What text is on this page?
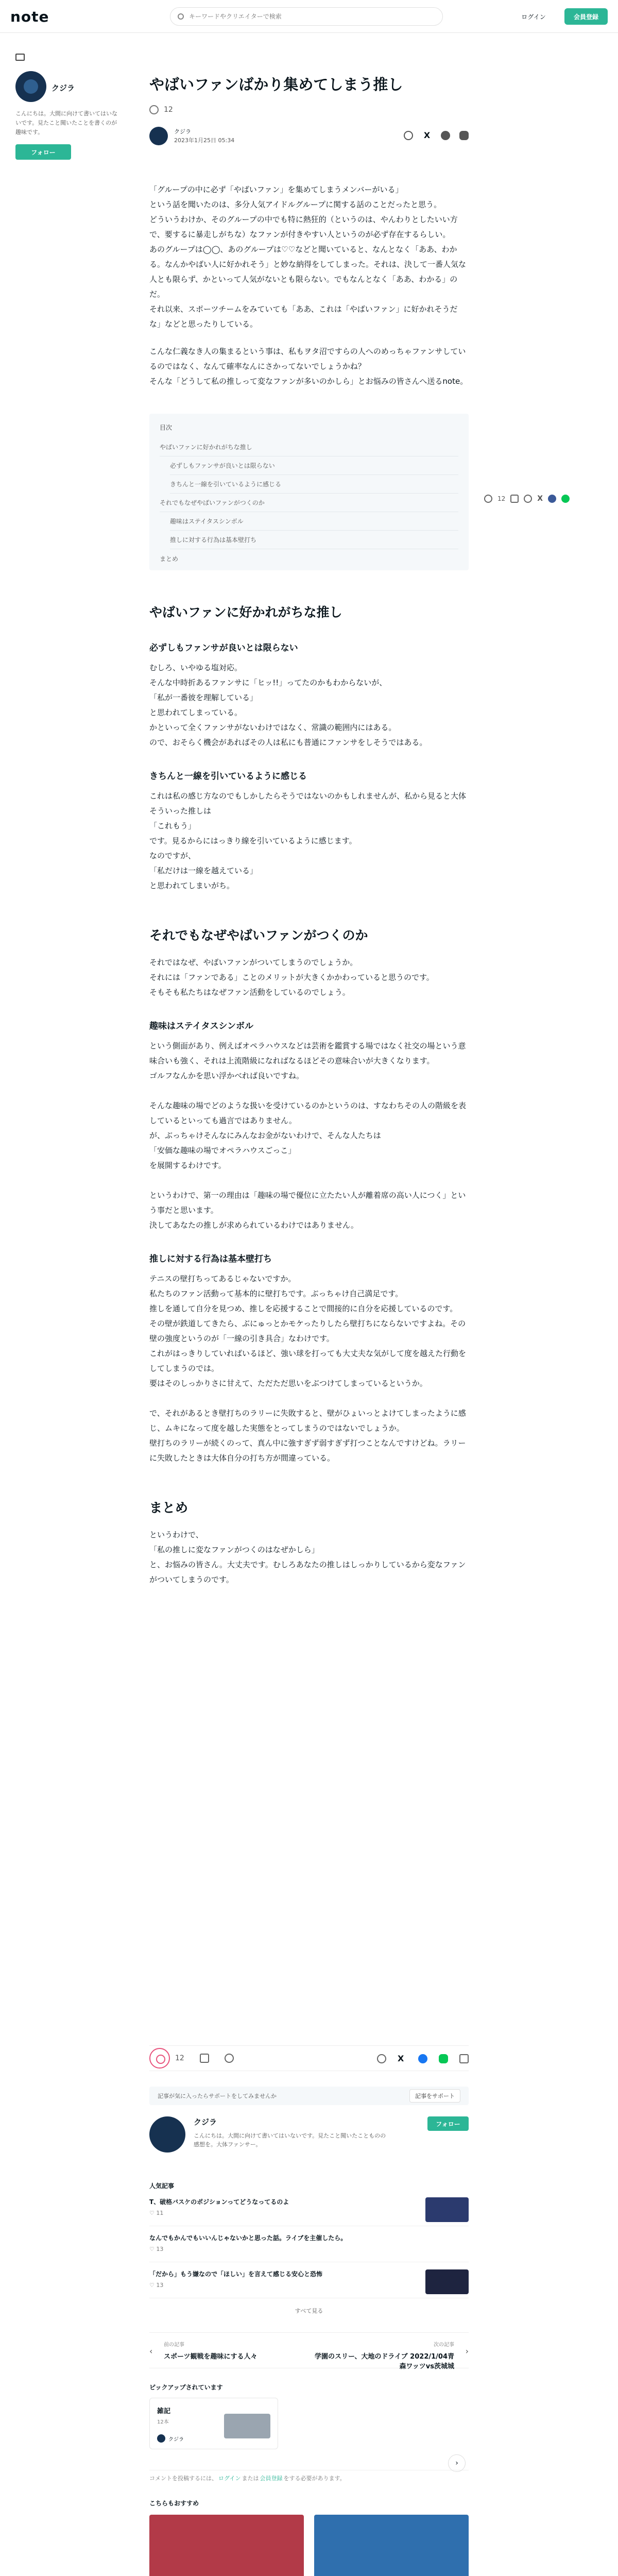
note
キーワードやクリエイターで検索	ログイン	会員登録
クジラ
こんにちは。大間に向けて書いてはいないです。見たこと聞いたことを書くのが趣味です。
フォロー
12	X
やばいファンばかり集めてしまう推し
12
クジラ
2023年1月25日 05:34
X

「グループの中に必ず「やばいファン」を集めてしまうメンバーがいる」

という話を聞いたのは、多分人気アイドルグループに関する話のことだったと思う。

どういうわけか、そのグループの中でも特に熱狂的（というのは、やんわりとしたいい方で、要するに暴走しがちな）なファンが付きやすい人というのが必ず存在するらしい。

あのグループは◯◯、あのグループは♡♡などと聞いていると、なんとなく「ああ、わかる。なんかやばい人に好かれそう」と妙な納得をしてしまった。それは、決して一番人気な人とも限らず、かといって人気がないとも限らない。でもなんとなく「ああ、わかる」のだ。

それ以来、スポーツチームをみていても「ああ、これは「やばいファン」に好かれそうだな」などと思ったりしている。

こんな仁義なき人の集まるという事は、私もヲタ沼ですらの人へのめっちゃファンサしているのではなく、なんて確率なんにさかってないでしょうかね？

そんな「どうして私の推しって変なファンが多いのかしら」とお悩みの皆さんへ送るnote。

目次
やばいファンに好かれがちな推し
必ずしもファンサが良いとは限らない
きちんと一線を引いているように感じる
それでもなぜやばいファンがつくのか
趣味はステイタスシンボル
推しに対する行為は基本壁打ち
まとめ
やばいファンに好かれがちな推し
必ずしもファンサが良いとは限らない

むしろ、いやゆる塩対応。
そんな中時折あるファンサに「ヒッ!!」ってたのかもわからないが、
「私が一番彼を理解している」
と思われてしまっている。
かといって全くファンサがないわけではなく、常識の範囲内にはある。
ので、おそらく機会があればその人は私にも普通にファンサをしそうではある。

きちんと一線を引いているように感じる

これは私の感じ方なのでもしかしたらそうではないのかもしれませんが、私から見ると大体そういった推しは
「これもう」
です。見るからにはっきり線を引いているように感じます。
なのですが、
「私だけは一線を越えている」
と思われてしまいがち。

それでもなぜやばいファンがつくのか

それではなぜ、やばいファンがついてしまうのでしょうか。
それには「ファンである」ことのメリットが大きくかかわっていると思うのです。
そもそも私たちはなぜファン活動をしているのでしょう。

趣味はステイタスシンボル

という側面があり、例えばオペラハウスなどは芸術を鑑賞する場ではなく社交の場という意味合いも強く、それは上流階級になればなるほどその意味合いが大きくなります。
ゴルフなんかを思い浮かべれば良いですね。

そんな趣味の場でどのような扱いを受けているのかというのは、すなわちその人の階級を表しているといっても過言ではありません。
が、ぶっちゃけそんなにみんなお金がないわけで、そんな人たちは
「安価な趣味の場でオペラハウスごっこ」
を展開するわけです。

というわけで、第一の理由は「趣味の場で優位に立たたい人が離着席の高い人につく」という事だと思います。
決してあなたの推しが求められているわけではありません。

推しに対する行為は基本壁打ち

テニスの壁打ちってあるじゃないですか。
私たちのファン活動って基本的に壁打ちです。ぶっちゃけ自己満足です。
推しを通して自分を見つめ、推しを応援することで間接的に自分を応援しているのです。
その壁が鉄道してきたら、ぶにゅっとかモケったりしたら壁打ちにならないですよね。その壁の強度というのが「一線の引き具合」なわけです。
これがはっきりしていればいるほど、強い球を打っても大丈夫な気がして度を越えた行動をしてしまうのでは。
要はそのしっかりさに甘えて、ただただ思いをぶつけてしまっているというか。

で、それがあるとき壁打ちのラリーに失敗すると、壁がひょいっとよけてしまったように感じ、ムキになって度を越した実態をとってしまうのではないでしょうか。
壁打ちのラリーが続くのって、真ん中に強すぎず弱すぎず打つことなんですけどね。ラリーに失敗したときは大体自分の打ち方が間違っている。

まとめ

というわけで、
「私の推しに変なファンがつくのはなぜかしら」
と、お悩みの皆さん。大丈夫です。むしろあなたの推しはしっかりしているから変なファンがついてしまうのです。

12	X
記事が気に入ったらサポートをしてみませんか	記事をサポート
クジラ
こんにちは。大間に向けて書いてはいないです。見たこと聞いたことものの感想を。大体ファンサー。
フォロー
人気記事
T、破格バスケのポジションってどうなってるのよ
♡ 11
なんでもかんでもいいんじゃないかと思った話。ライブを主催したら。
♡ 13
「だから」もう嫌なので「ほしい」を言えて感じる安心と恐怖
♡ 13
すべて見る
‹
前の記事
スポーツ観戦を趣味にする人々
›
次の記事
学園のスリー、大地のドライブ 2022/1/04青森ワッツvs茨城城
ピックアップされています
雑記
12本
クジラ
›
コメントを投稿するには、 ログイン または 会員登録 をする必要があります。
こちらもおすすめ
